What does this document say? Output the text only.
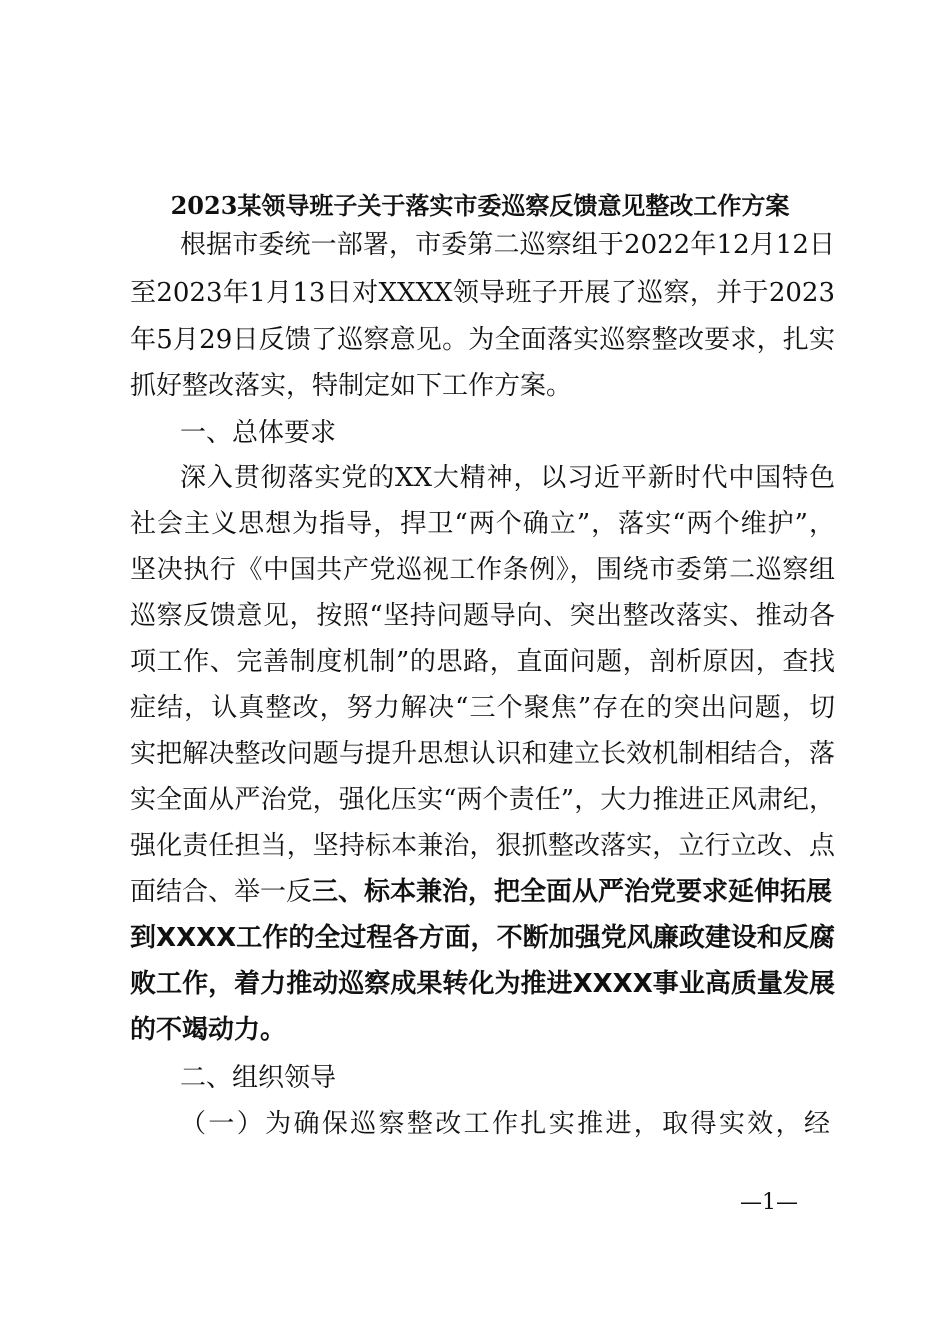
2023某领导班子关于落实市委巡察反馈意见整改工作方案
根据市委统一部署，市委第二巡察组于2022年12月12日
至2023年1月13日对XXXX领导班子开展了巡察，并于2023
年5月29日反馈了巡察意见。为全面落实巡察整改要求，扎实
抓好整改落实，特制定如下工作方案。
一、总体要求
深入贯彻落实党的XX大精神，以习近平新时代中国特色
社会主义思想为指导，捍卫“两个确立”，落实“两个维护”，
坚决执行《中国共产党巡视工作条例》，围绕市委第二巡察组
巡察反馈意见，按照“坚持问题导向、突出整改落实、推动各
项工作、完善制度机制”的思路，直面问题，剖析原因，查找
症结，认真整改，努力解决“三个聚焦”存在的突出问题，切
实把解决整改问题与提升思想认识和建立长效机制相结合，落
实全面从严治党，强化压实“两个责任”，大力推进正风肃纪，
强化责任担当，坚持标本兼治，狠抓整改落实，立行立改、点
面结合、举一反三、标本兼治，把全面从严治党要求延伸拓展
到XXXX工作的全过程各方面，不断加强党风廉政建设和反腐
败工作，着力推动巡察成果转化为推进XXXX事业高质量发展
的不竭动力。
二、组织领导
（一）为确保巡察整改工作扎实推进，取得实效，经
—1—
